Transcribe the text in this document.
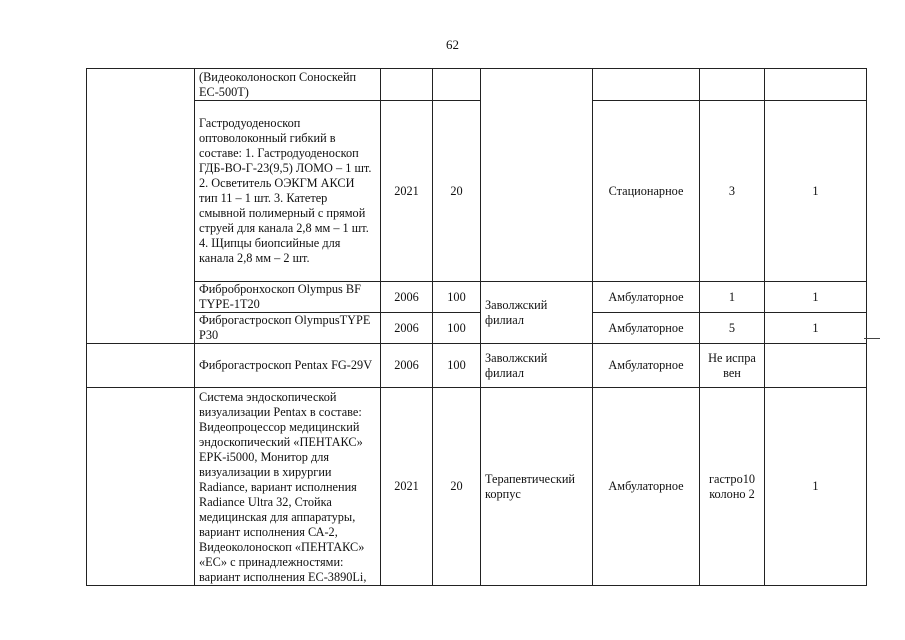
62
	(Видеоколоноскоп Соноскейп ЕС-500Т)						
	Гастродуоденоскоп оптоволоконный гибкий в составе: 1. Гастродуоденоскоп ГДБ-ВО-Г-23(9,5) ЛОМО – 1 шт. 2. Осветитель ОЭКГМ АКСИ тип 11 – 1 шт. 3. Катетер смывной полимерный с прямой струей для канала 2,8 мм – 1 шт. 4. Щипцы биопсийные для канала 2,8 мм – 2 шт.	2021	20		Стационарное	3	1
	Фибробронхоскоп Olympus BF TYPE-1T20	2006	100	Заволжский филиал	Амбулаторное	1	1
	Фиброгастроскоп OlympusTYPE P30	2006	100		Амбулаторное	5	1
	Фиброгастроскоп Pentax FG-29V	2006	100	Заволжский филиал	Амбулаторное	Не испра вен	
	Система эндоскопической визуализации Pentax в составе: Видеопроцессор медицинский эндоскопический «ПЕНТАКС» EPK-i5000, Монитор для визуализации в хирургии Radiance, вариант исполнения Radiance Ultra 32, Стойка медицинская для аппаратуры, вариант исполнения СА-2, Видеоколоноскоп «ПЕНТАКС» «ЕС» с принадлежностями: вариант исполнения EC-3890Li,	2021	20	Терапевтический корпус	Амбулаторное	гастро10 колоно 2	1
